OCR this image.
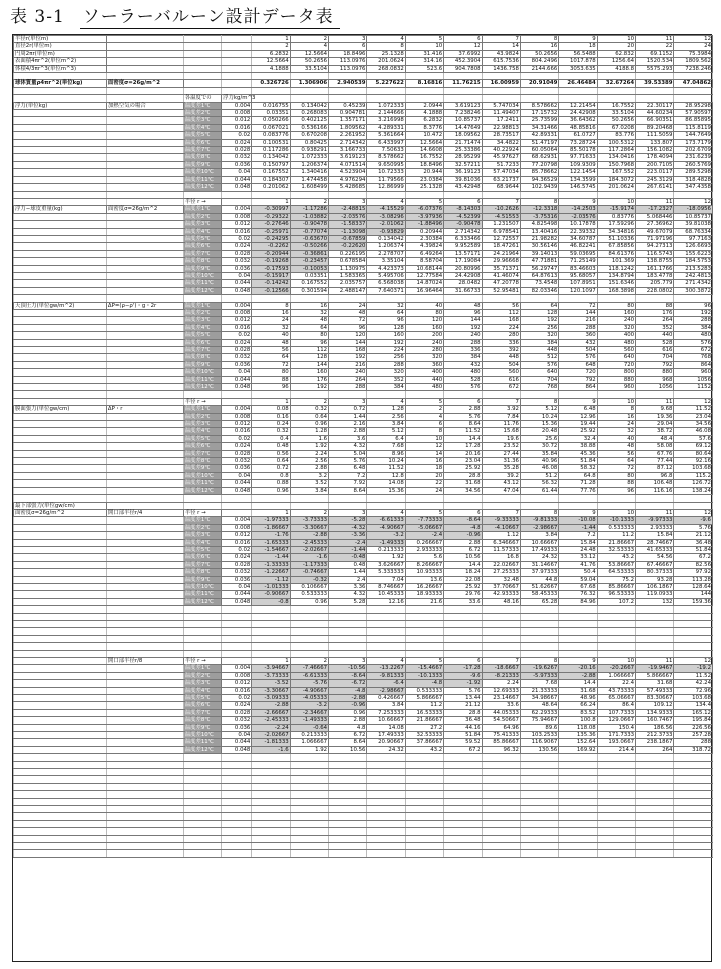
表 3-1　ソーラーバルーン設計データ表
半径r(単位m)				1	2	3	4	5	6	7	8	9	10	11	12
直径2r(単位m)				2	4	6	8	10	12	14	16	18	20	22	24
円周2πr(単位m)				6.2832	12.5664	18.8496	25.1328	31.416	37.6992	43.9824	50.2656	56.5488	62.832	69.1152	75.3984
表面積4πr^2(単位m^2)				12.5664	50.2656	113.0976	201.0624	314.16	452.3904	615.7536	804.2496	1017.878	1256.64	1520.534	1809.562
体積4/3πr^3(単位m^3)				4.1888	33.5104	113.0976	268.0832	523.6	904.7808	1436.758	2144.666	3053.635	4188.8	5575.293	7238.246

球体質量ρ4πr^2(単位kg)	面密度σ=26g/m^2			0.326726	1.306906	2.940539	5.227622	8.16816	11.76215	16.00959	20.91049	26.46484	32.67264	39.53389	47.04862

		各温度での	浮力kg/m^3												
浮力(単位kg)	加熱空気の場合	温度差1℃	0.004	0.016755	0.134042	0.45239	1.072333	2.0944	3.619123	5.747034	8.578662	12.21454	16.7552	22.30117	28.95298
		温度差2℃	0.008	0.03351	0.268083	0.904781	2.144666	4.1888	7.238246	11.49407	17.15732	24.42908	33.5104	44.60234	57.90597
		温度差3℃	0.012	0.050266	0.402125	1.357171	3.216998	6.2832	10.85737	17.2411	25.73599	36.64362	50.2656	66.90351	86.85895
		温度差4℃	0.016	0.067021	0.536166	1.809562	4.289331	8.3776	14.47649	22.98813	34.31466	48.85816	67.0208	89.20468	115.8119
		温度差5℃	0.02	0.083776	0.670208	2.261952	5.361664	10.472	18.09562	28.73517	42.89331	61.0727	83.776	111.5059	144.7649
		温度差6℃	0.024	0.100531	0.80425	2.714342	6.433997	12.5664	21.71474	34.4822	51.47197	73.28724	100.5312	133.807	173.7179
		温度差7℃	0.028	0.117286	0.938291	3.166733	7.50633	14.6608	25.33386	40.22924	60.05064	85.50178	117.2864	156.1082	202.6709
		温度差8℃	0.032	0.134042	1.072333	3.619123	8.578662	16.7552	28.95299	45.97627	68.62931	97.71633	134.0416	178.4094	231.6239
		温度差9℃	0.036	0.150797	1.206374	4.071514	9.650995	18.8496	32.57211	51.7233	77.20798	109.9309	150.7968	200.7105	260.5769
		温度差10℃	0.04	0.167552	1.340416	4.523904	10.72333	20.944	36.19123	57.47034	85.78662	122.1454	167.552	223.0117	289.5298
		温度差11℃	0.044	0.184307	1.474458	4.976294	11.79566	23.0384	39.81036	63.21737	94.36529	134.3599	184.3072	245.3129	318.4828
		温度差12℃	0.048	0.201062	1.608499	5.428685	12.86999	25.1328	43.42948	68.9644	102.9439	146.5745	201.0624	267.6141	347.4358

		半径 r →		1	2	3	4	5	6	7	8	9	10	11	12
浮力−球皮重量(kg)	面密度σ=26g/m^2	温度差1℃	0.004	-0.30997	-1.17286	-2.48815	-4.15529	-6.07376	-8.14303	-10.2626	-12.3318	-14.2503	-15.9174	-17.2327	-18.0956
		温度差2℃	0.008	-0.29322	-1.03882	-2.03576	-3.08296	-3.97936	-4.52399	-4.51553	-3.75316	-2.03576	0.83776	5.068446	10.85737
		温度差3℃	0.012	-0.27646	-0.90478	-1.58337	-2.01062	-1.88496	-0.90478	1.231507	4.825498	10.17878	17.59296	27.36962	39.81038
		温度差4℃	0.016	-0.25971	-0.77074	-1.13098	-0.93829	0.20944	2.714342	6.978541	13.40416	22.39332	34.34816	49.67079	68.76334
		温度差5℃	0.02	-0.24295	-0.63670	-0.67859	0.134042	2.30384	6.333466	12.72557	21.98282	34.60787	51.10336	71.97196	97.7163
		温度差6℃	0.024	-0.2262	-0.50266	-0.22620	1.206374	4.39824	9.952589	18.47261	30.56146	46.82241	67.85856	94.27313	126.6693
		温度差7℃	0.028	-0.20944	-0.36861	0.226195	2.278707	6.49264	13.57171	24.21964	39.14013	59.03695	84.61376	116.5743	155.6223
		温度差8℃	0.032	-0.19268	-0.23457	0.678584	3.35104	8.58704	17.19084	29.96668	47.71881	71.25149	101.369	138.8755	184.5753
		温度差9℃	0.036	-0.17593	-0.10053	1.130975	4.423373	10.68144	20.80996	35.71371	56.29747	83.46603	118.1242	161.1766	213.5283
		温度差10℃	0.04	-0.15917	0.03351	1.583365	5.495706	12.77584	24.42908	41.46074	64.87613	95.68057	134.8794	183.4778	242.4813
		温度差11℃	0.044	-0.14242	0.167552	2.035757	6.568038	14.87024	28.0482	47.20778	73.4548	107.8951	151.6346	205.779	271.4342
		温度差12℃	0.048	-0.12566	0.301594	2.488147	7.640371	16.96464	31.66733	52.95481	82.03346	120.1097	168.3898	228.0802	300.3872

天頂圧力(単位gw/m^2)	ΔP=(ρ−ρ')・g・2r	温度差1℃	0.004	8	16	24	32	40	48	56	64	72	80	88	96
		温度差2℃	0.008	16	32	48	64	80	96	112	128	144	160	176	192
		温度差3℃	0.012	24	48	72	96	120	144	168	192	216	240	264	288
		温度差4℃	0.016	32	64	96	128	160	192	224	256	288	320	352	384
		温度差5℃	0.02	40	80	120	160	200	240	280	320	360	400	440	480
		温度差6℃	0.024	48	96	144	192	240	288	336	384	432	480	528	576
		温度差7℃	0.028	56	112	168	224	280	336	392	448	504	560	616	672
		温度差8℃	0.032	64	128	192	256	320	384	448	512	576	640	704	768
		温度差9℃	0.036	72	144	216	288	360	432	504	576	648	720	792	864
		温度差10℃	0.04	80	160	240	320	400	480	560	640	720	800	880	960
		温度差11℃	0.044	88	176	264	352	440	528	616	704	792	880	968	1056
		温度差12℃	0.048	96	192	288	384	480	576	672	768	864	960	1056	1152

		半径 r →		1	2	3	4	5	6	7	8	9	10	11	12
膜面張力(単位gw/cm)	ΔP・r	温度差1℃	0.004	0.08	0.32	0.72	1.28	2	2.88	3.92	5.12	6.48	8	9.68	11.52
		温度差2℃	0.008	0.16	0.64	1.44	2.56	4	5.76	7.84	10.24	12.96	16	19.36	23.04
		温度差3℃	0.012	0.24	0.96	2.16	3.84	6	8.64	11.76	15.36	19.44	24	29.04	34.56
		温度差4℃	0.016	0.32	1.28	2.88	5.12	8	11.52	15.68	20.48	25.92	32	38.72	46.08
		温度差5℃	0.02	0.4	1.6	3.6	6.4	10	14.4	19.6	25.6	32.4	40	48.4	57.6
		温度差6℃	0.024	0.48	1.92	4.32	7.68	12	17.28	23.52	30.72	38.88	48	58.08	69.12
		温度差7℃	0.028	0.56	2.24	5.04	8.96	14	20.16	27.44	35.84	45.36	56	67.76	80.64
		温度差8℃	0.032	0.64	2.56	5.76	10.24	16	23.04	31.36	40.96	51.84	64	77.44	92.16
		温度差9℃	0.036	0.72	2.88	6.48	11.52	18	25.92	35.28	46.08	58.32	72	87.12	103.68
		温度差10℃	0.04	0.8	3.2	7.2	12.8	20	28.8	39.2	51.2	64.8	80	96.8	115.2
		温度差11℃	0.044	0.88	3.52	7.92	14.08	22	31.68	43.12	56.32	71.28	88	106.48	126.72
		温度差12℃	0.048	0.96	3.84	8.64	15.36	24	34.56	47.04	61.44	77.76	96	116.16	138.24

最下部張力(単位gw/cm)															
面密度σ=26g/m^2	開口部半径r/4	半径 r →		1	2	3	4	5	6	7	8	9	10	11	12
		温度差1℃	0.004	-1.97333	-3.73333	-5.28	-6.61333	-7.73333	-8.64	-9.33333	-9.81333	-10.08	-10.1333	-9.97333	-9.6
		温度差2℃	0.008	-1.86667	-3.30667	-4.32	-4.90667	-5.06667	-4.8	-4.10667	-2.98667	-1.44	0.533333	2.93333	5.76
		温度差3℃	0.012	-1.76	-2.88	-3.36	-3.2	-2.4	-0.96	1.12	3.84	7.2	11.2	15.84	21.12
		温度差4℃	0.016	-1.65333	-2.45333	-2.4	-1.49333	0.266667	2.88	6.346667	10.66667	15.84	21.86667	28.74667	36.48
		温度差5℃	0.02	-1.54667	-2.02667	-1.44	0.213333	2.933333	6.72	11.57333	17.49333	24.48	32.53333	41.65333	51.84
		温度差6℃	0.024	-1.44	-1.6	-0.48	1.92	5.6	10.56	16.8	24.32	33.12	43.2	54.56	67.2
		温度差7℃	0.028	-1.33333	-1.17333	0.48	3.626667	8.266667	14.4	22.02667	31.14667	41.76	53.86667	67.46667	82.56
		温度差8℃	0.032	-1.22667	-0.74667	1.44	5.333333	10.93333	18.24	27.25333	37.97333	50.4	64.53333	80.37333	97.92
		温度差9℃	0.036	-1.12	-0.32	2.4	7.04	13.6	22.08	32.48	44.8	59.04	75.2	93.28	113.28
		温度差10℃	0.04	-1.01333	0.106667	3.36	8.746667	16.26667	25.92	37.70667	51.62667	67.68	85.86667	106.1867	128.64
		温度差11℃	0.044	-0.90667	0.533333	4.32	10.45333	18.93333	29.76	42.93333	58.45333	76.32	96.53333	119.0933	144
		温度差12℃	0.048	-0.8	0.96	5.28	12.16	21.6	33.6	48.16	65.28	84.96	107.2	132	159.36

	開口部半径r/8	半径 r →		1	2	3	4	5	6	7	8	9	10	11	12
		温度差1℃	0.004	-3.94667	-7.46667	-10.56	-13.2267	-15.4667	-17.28	-18.6667	-19.6267	-20.16	-20.2667	-19.9467	-19.2
		温度差2℃	0.008	-3.73333	-6.61333	-8.64	-9.81333	-10.1333	-9.6	-8.21333	-5.97333	-2.88	1.066667	5.866667	11.52
		温度差3℃	0.012	-3.52	-5.76	-6.72	-6.4	-4.8	-1.92	2.24	7.68	14.4	22.4	31.68	42.24
		温度差4℃	0.016	-3.30667	-4.90667	-4.8	-2.98667	0.533333	5.76	12.69333	21.33333	31.68	43.73333	57.49333	72.96
		温度差5℃	0.02	-3.09333	-4.05333	-2.88	0.426667	5.866667	13.44	23.14667	34.98667	48.96	65.06667	83.30667	103.68
		温度差6℃	0.024	-2.88	-3.2	-0.96	3.84	11.2	21.12	33.6	48.64	66.24	86.4	109.12	134.4
		温度差7℃	0.028	-2.66667	-2.34667	0.96	7.253333	16.53333	28.8	44.05333	62.29333	83.52	107.7333	134.9333	165.12
		温度差8℃	0.032	-2.45333	-1.49333	2.88	10.66667	21.86667	36.48	54.50667	75.94667	100.8	129.0667	160.7467	195.84
		温度差9℃	0.036	-2.24	-0.64	4.8	14.08	27.2	44.16	64.96	89.6	118.08	150.4	186.56	226.56
		温度差10℃	0.04	-2.02667	0.213333	6.72	17.49333	32.53333	51.84	75.41333	103.2533	135.36	171.7333	212.3733	257.28
		温度差11℃	0.044	-1.81333	1.066667	8.64	20.90667	37.86667	59.52	85.86667	116.9067	152.64	193.0667	238.1867	288
		温度差12℃	0.048	-1.6	1.92	10.56	24.32	43.2	67.2	96.32	130.56	169.92	214.4	264	318.72
